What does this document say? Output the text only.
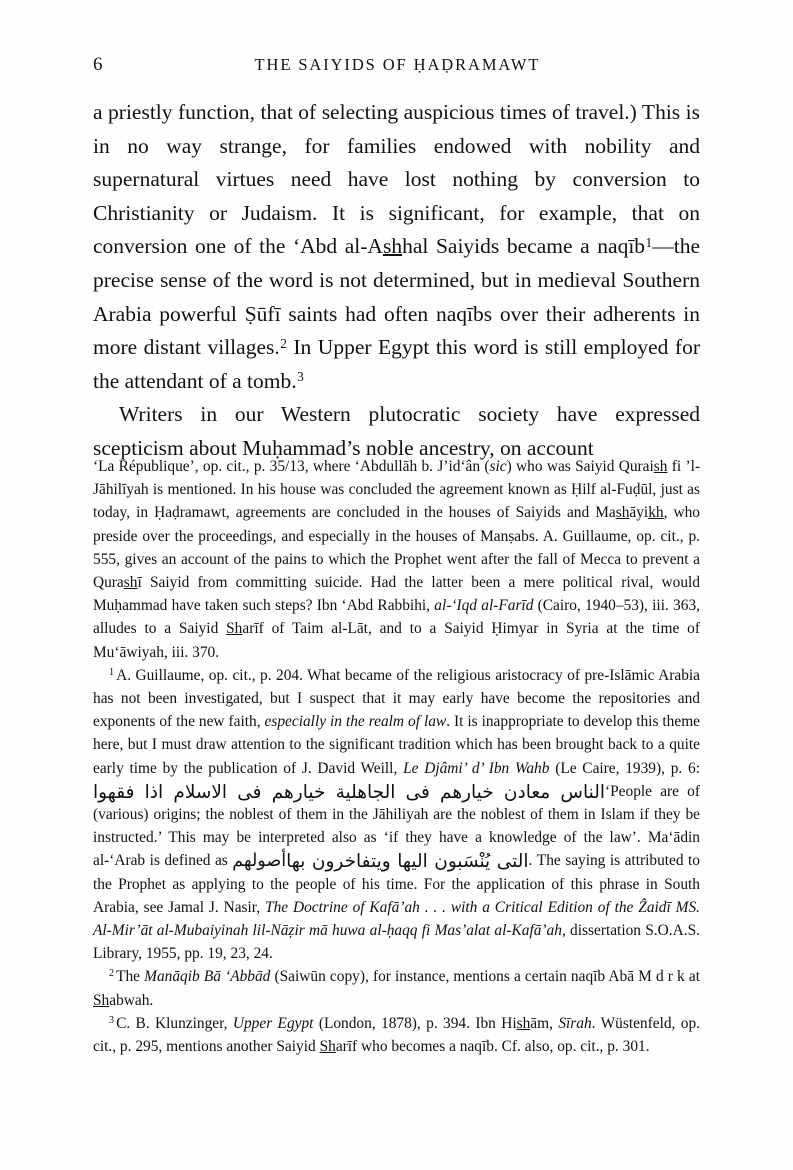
6	THE SAIYIDS OF ḤAḌRAMAWT

a priestly function, that of selecting auspicious times of travel.) This is in no way strange, for families endowed with nobility and supernatural virtues need have lost nothing by conversion to Christianity or Judaism. It is significant, for example, that on conversion one of the ‘Abd al-Ashhal Saiyids became a naqīb$^1$—the precise sense of the word is not determined, but in medieval Southern Arabia powerful Ṣūfī saints had often naqībs over their adherents in more distant villages.$^2$ In Upper Egypt this word is still employed for the attendant of a tomb.$^3$

Writers in our Western plutocratic society have expressed scepticism about Muḥammad’s noble ancestry, on account

‘La République’, op. cit., p. 35/13, where ‘Abdullāh b. J’id‘ân (sic) who was Saiyid Quraish fi ’l-Jāhilīyah is mentioned. In his house was concluded the agreement known as Ḥilf al-Fuḍūl, just as today, in Ḥaḍramawt, agreements are concluded in the houses of Saiyids and Mashāyikh, who preside over the proceedings, and especially in the houses of Manṣabs. A. Guillaume, op. cit., p. 555, gives an account of the pains to which the Prophet went after the fall of Mecca to prevent a Qurashī Saiyid from committing suicide. Had the latter been a mere political rival, would Muḥammad have taken such steps? Ibn ‘Abd Rabbihi, al-‘Iqd al-Farīd (Cairo, 1940–53), iii. 363, alludes to a Saiyid Sharīf of Taim al-Lāt, and to a Saiyid Ḥimyar in Syria at the time of Mu‘āwiyah, iii. 370.

$^1$ A. Guillaume, op. cit., p. 204. What became of the religious aristocracy of pre-Islāmic Arabia has not been investigated, but I suspect that it may early have become the repositories and exponents of the new faith, especially in the realm of law. It is inappropriate to develop this theme here, but I must draw attention to the significant tradition which has been brought back to a quite early time by the publication of J. David Weill, Le Djâmi’ d’ Ibn Wahb (Le Caire, 1939), p. 6: الناس معادن خيارهم فى الجاهلية خيارهم فى الاسلام اذا فقهوا‘People are of (various) origins; the noblest of them in the Jāhiliyah are the noblest of them in Islam if they be instructed.’ This may be interpreted also as ‘if they have a knowledge of the law’. Ma‘ādin al-‘Arab is defined as أصولهمالتى يُنْسَبون اليها ويتفاخرون بها. The saying is attributed to the Prophet as applying to the people of his time. For the application of this phrase in South Arabia, see Jamal J. Nasir, The Doctrine of Kafā’ah . . . with a Critical Edition of the Ẑaidī MS. Al-Mir’āt al-Mubaiyinah lil-Nāẓir mā huwa al-ḥaqq fi Mas’alat al-Kafā’ah, dissertation S.O.A.S. Library, 1955, pp. 19, 23, 24.

$^2$ The Manāqib Bā ‘Abbād (Saiwūn copy), for instance, mentions a certain naqīb Abā M d r k at Shabwah.

$^3$ C. B. Klunzinger, Upper Egypt (London, 1878), p. 394. Ibn Hishām, Sīrah. Wüstenfeld, op. cit., p. 295, mentions another Saiyid Sharīf who becomes a naqīb. Cf. also, op. cit., p. 301.
